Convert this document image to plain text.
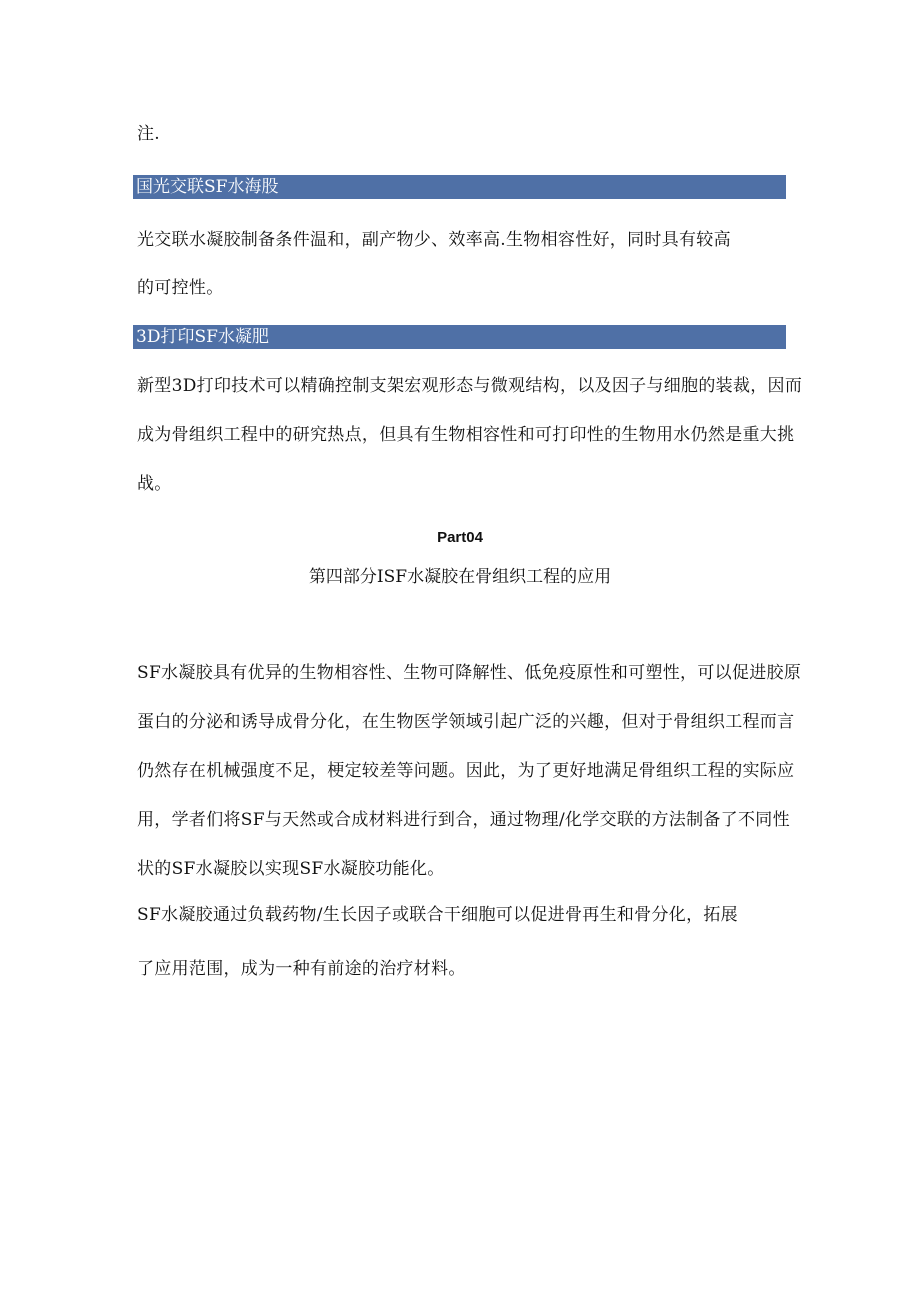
注.
国光交联SF水海股
光交联水凝胶制备条件温和，副产物少、效率高.生物相容性好，同时具有较高
的可控性。
3D打印SF水凝肥
新型3D打印技术可以精确控制支架宏观形态与微观结构，以及因子与细胞的装裁，因而
成为骨组织工程中的研究热点，但具有生物相容性和可打印性的生物用水仍然是重大挑
战。
Part04
第四部分ISF水凝胶在骨组织工程的应用
SF水凝胶具有优异的生物相容性、生物可降解性、低免疫原性和可塑性，可以促进胶原
蛋白的分泌和诱导成骨分化，在生物医学领域引起广泛的兴趣，但对于骨组织工程而言
仍然存在机械强度不足，梗定较差等问题。因此，为了更好地满足骨组织工程的实际应
用，学者们将SF与天然或合成材料进行到合，通过物理/化学交联的方法制备了不同性
状的SF水凝胶以实现SF水凝胶功能化。
SF水凝胶通过负载药物/生长因子或联合干细胞可以促进骨再生和骨分化，拓展
了应用范围，成为一种有前途的治疗材料。
